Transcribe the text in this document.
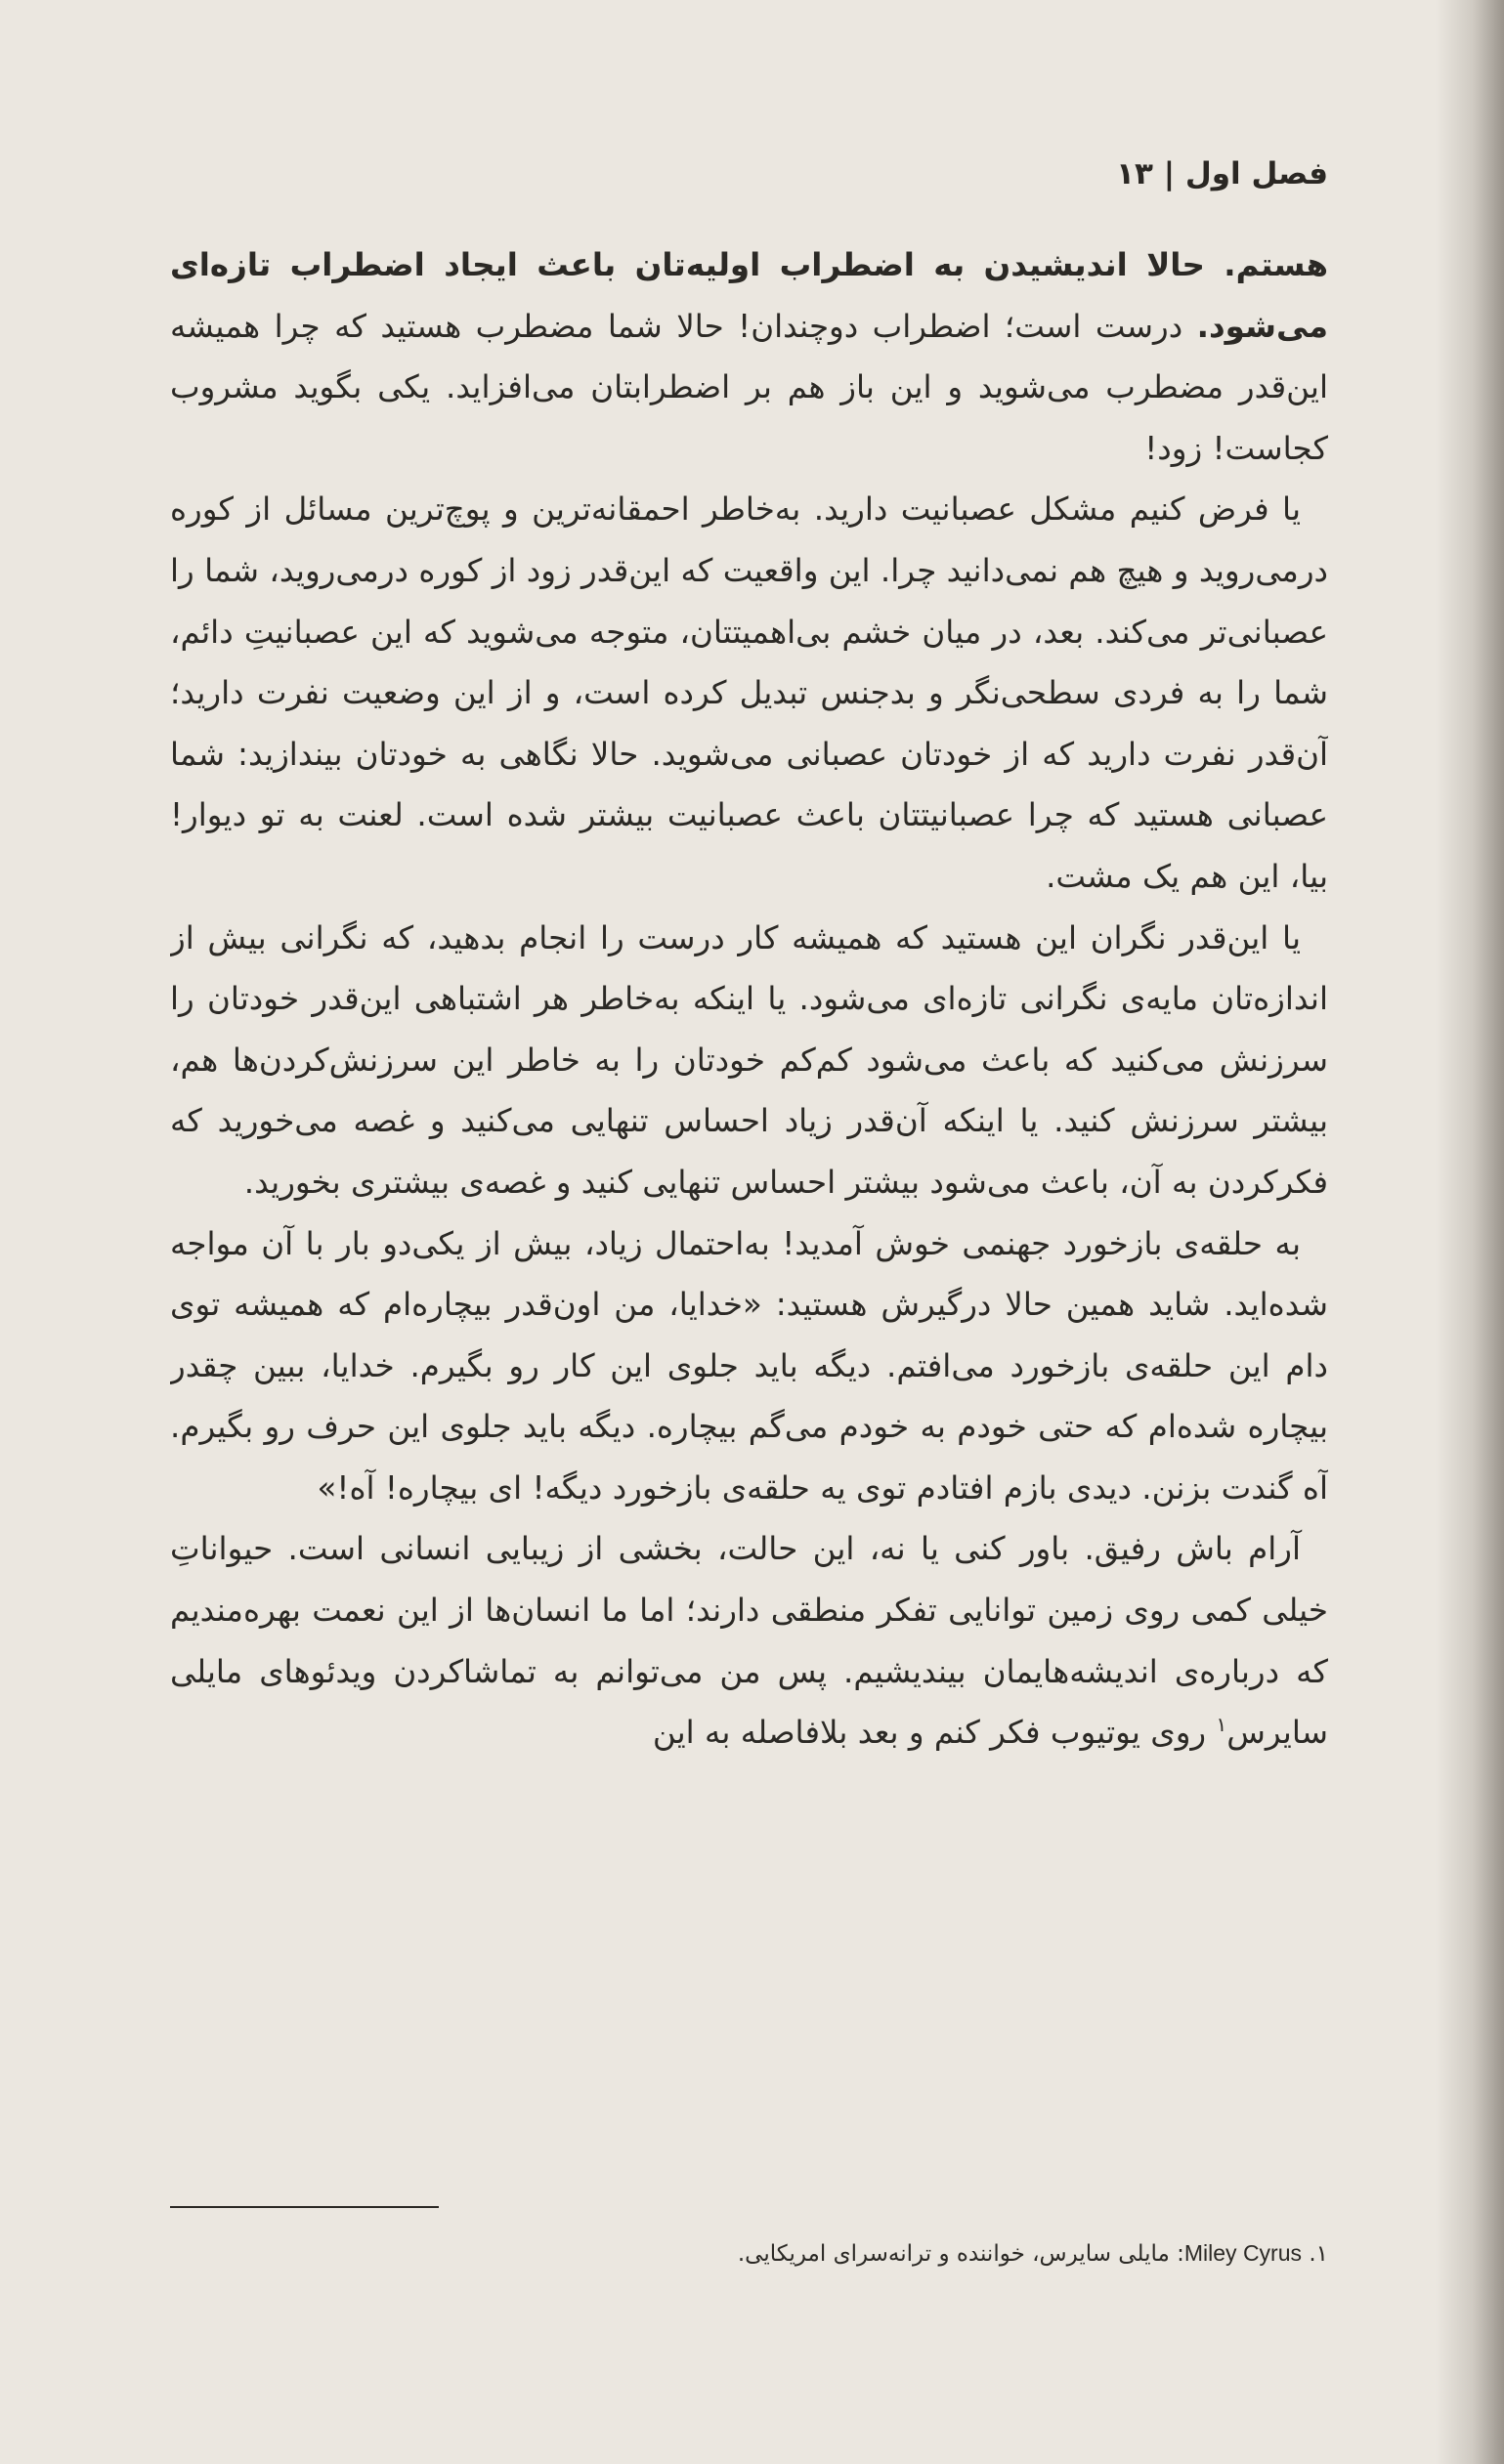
فصل اول | ۱۳

هستم. حالا اندیشیدن به اضطراب اولیه‌تان باعث ایجاد اضطراب تازه‌ای می‌شود. درست است؛ اضطراب دوچندان! حالا شما مضطرب هستید که چرا همیشه این‌قدر مضطرب می‌شوید و این باز هم بر اضطرابتان می‌افزاید. یکی بگوید مشروب کجاست! زود!

یا فرض کنیم مشکل عصبانیت دارید. به‌خاطر احمقانه‌ترین و پوچ‌ترین مسائل از کوره درمی‌روید و هیچ هم نمی‌دانید چرا. این واقعیت که این‌قدر زود از کوره درمی‌روید، شما را عصبانی‌تر می‌کند. بعد، در میان خشم بی‌اهمیتتان، متوجه می‌شوید که این عصبانیتِ دائم، شما را به فردی سطحی‌نگر و بدجنس تبدیل کرده است، و از این وضعیت نفرت دارید؛ آن‌قدر نفرت دارید که از خودتان عصبانی می‌شوید. حالا نگاهی به خودتان بیندازید: شما عصبانی هستید که چرا عصبانیتتان باعث عصبانیت بیشتر شده است. لعنت به تو دیوار! بیا، این هم یک مشت.

یا این‌قدر نگران این هستید که همیشه کار درست را انجام بدهید، که نگرانی بیش از اندازه‌تان مایه‌ی نگرانی تازه‌ای می‌شود. یا اینکه به‌خاطر هر اشتباهی این‌قدر خودتان را سرزنش می‌کنید که باعث می‌شود کم‌کم خودتان را به خاطر این سرزنش‌کردن‌ها هم، بیشتر سرزنش کنید. یا اینکه آن‌قدر زیاد احساس تنهایی می‌کنید و غصه می‌خورید که فکرکردن به آن، باعث می‌شود بیشتر احساس تنهایی کنید و غصه‌ی بیشتری بخورید.

به حلقه‌ی بازخورد جهنمی خوش آمدید! به‌احتمال زیاد، بیش از یکی‌دو بار با آن مواجه شده‌اید. شاید همین حالا درگیرش هستید: «خدایا، من اون‌قدر بیچاره‌ام که همیشه توی دام این حلقه‌ی بازخورد می‌افتم. دیگه باید جلوی این کار رو بگیرم. خدایا، ببین چقدر بیچاره شده‌ام که حتی خودم به خودم می‌گم بیچاره. دیگه باید جلوی این حرف رو بگیرم. آه گندت بزنن. دیدی بازم افتادم توی یه حلقه‌ی بازخورد دیگه! ای بیچاره! آه!»

آرام باش رفیق. باور کنی یا نه، این حالت، بخشی از زیبایی انسانی است. حیواناتِ خیلی کمی روی زمین توانایی تفکر منطقی دارند؛ اما ما انسان‌ها از این نعمت بهره‌مندیم که درباره‌ی اندیشه‌هایمان بیندیشیم. پس من می‌توانم به تماشاکردن ویدئوهای مایلی سایرس$^۱$ روی یوتیوب فکر کنم و بعد بلافاصله به این

۱. Miley Cyrus: مایلی سایرس، خواننده و ترانه‌سرای امریکایی.
